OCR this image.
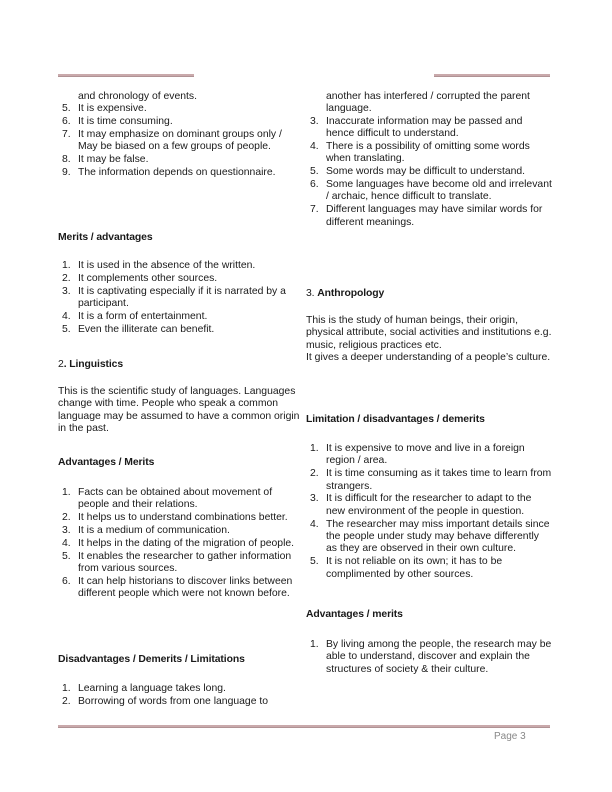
and chronology of events.
5. It is expensive.
6. It is time consuming.
7. It may emphasize on dominant groups only / May be biased on a few groups of people.
8. It may be false.
9. The information depends on questionnaire.
Merits / advantages
1. It is used in the absence of the written.
2. It complements other sources.
3. It is captivating especially if it is narrated by a participant.
4. It is a form of entertainment.
5. Even the illiterate can benefit.
2. Linguistics

This is the scientific study of languages. Languages change with time. People who speak a common language may be assumed to have a common origin in the past.

Advantages / Merits
1. Facts can be obtained about movement of people and their relations.
2. It helps us to understand combinations better.
3. It is a medium of communication.
4. It helps in the dating of the migration of people.
5. It enables the researcher to gather information from various sources.
6. It can help historians to discover links between different people which were not known before.
Disadvantages / Demerits / Limitations
1. Learning a language takes long.
2. Borrowing of words from one language to
another has interfered / corrupted the parent language.
3. Inaccurate information may be passed and hence difficult to understand.
4. There is a possibility of omitting some words when translating.
5. Some words may be difficult to understand.
6. Some languages have become old and irrelevant / archaic, hence difficult to translate.
7. Different languages may have similar words for different meanings.
3. Anthropology

This is the study of human beings, their origin, physical attribute, social activities and institutions e.g. music, religious practices etc.

It gives a deeper understanding of a people’s culture.

Limitation / disadvantages / demerits
1. It is expensive to move and live in a foreign region / area.
2. It is time consuming as it takes time to learn from strangers.
3. It is difficult for the researcher to adapt to the new environment of the people in question.
4. The researcher may miss important details since the people under study may behave differently as they are observed in their own culture.
5. It is not reliable on its own; it has to be complimented by other sources.
Advantages / merits
1. By living among the people, the research may be able to understand, discover and explain the structures of society & their culture.
Page 3
